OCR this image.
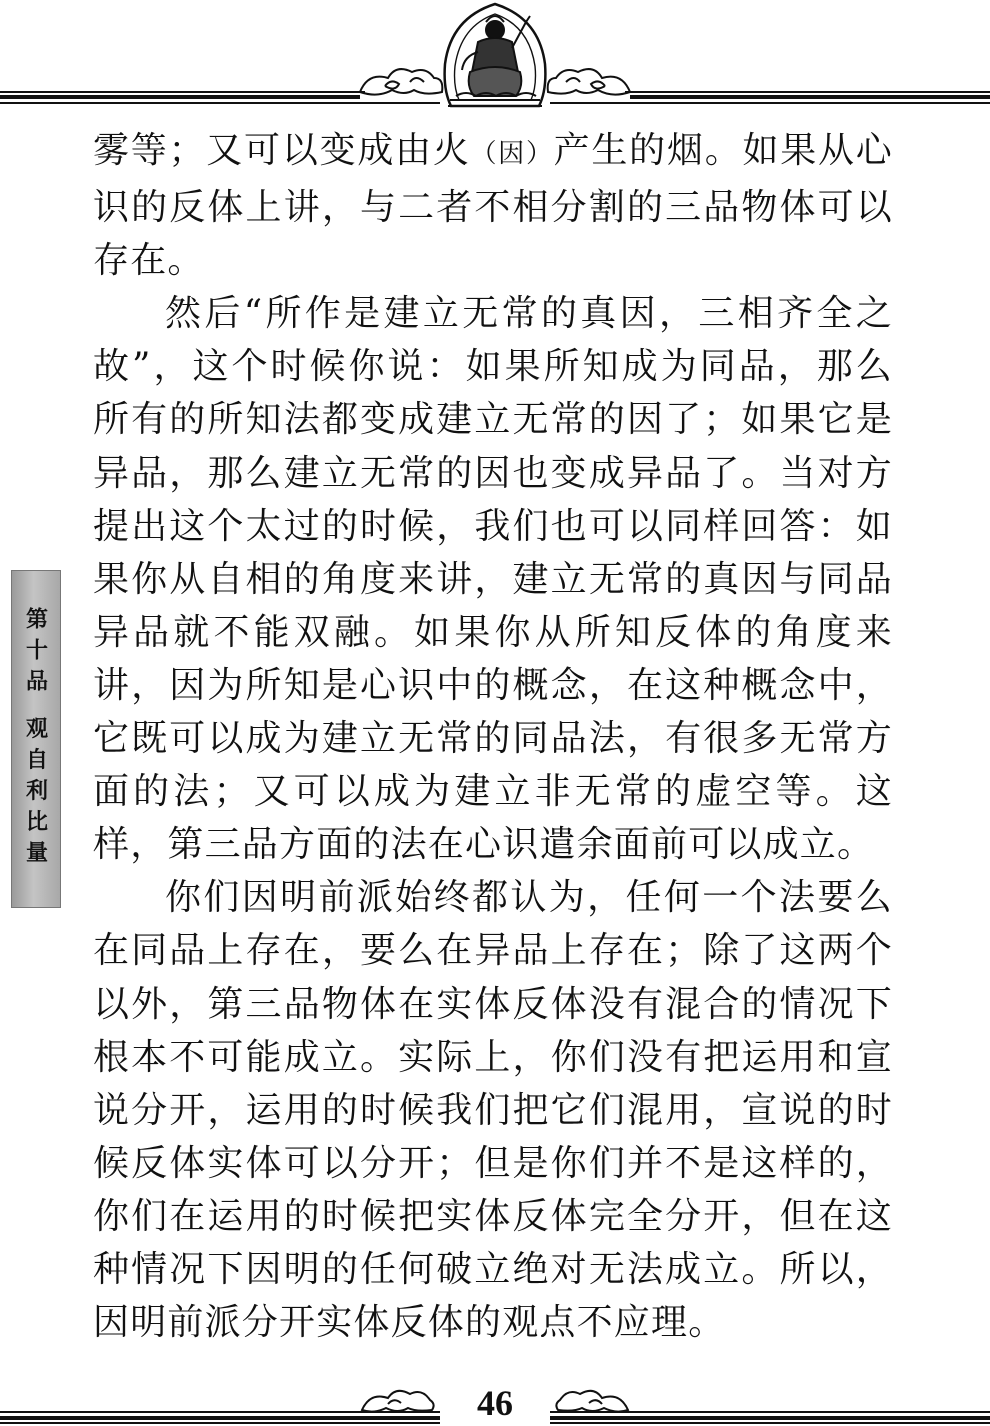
雾等；又可以变成由火（因）产生的烟。如果从心识的反体上讲，与二者不相分割的三品物体可以存在。

然后“所作是建立无常的真因，三相齐全之故”，这个时候你说：如果所知成为同品，那么所有的所知法都变成建立无常的因了；如果它是异品，那么建立无常的因也变成异品了。当对方提出这个太过的时候，我们也可以同样回答：如果你从自相的角度来讲，建立无常的真因与同品异品就不能双融。如果你从所知反体的角度来讲，因为所知是心识中的概念，在这种概念中，它既可以成为建立无常的同品法，有很多无常方面的法；又可以成为建立非无常的虚空等。这样，第三品方面的法在心识遣余面前可以成立。

你们因明前派始终都认为，任何一个法要么在同品上存在，要么在异品上存在；除了这两个以外，第三品物体在实体反体没有混合的情况下根本不可能成立。实际上，你们没有把运用和宣说分开，运用的时候我们把它们混用，宣说的时候反体实体可以分开；但是你们并不是这样的，你们在运用的时候把实体反体完全分开，但在这种情况下因明的任何破立绝对无法成立。所以，因明前派分开实体反体的观点不应理。

第十品 观自利比量
46
